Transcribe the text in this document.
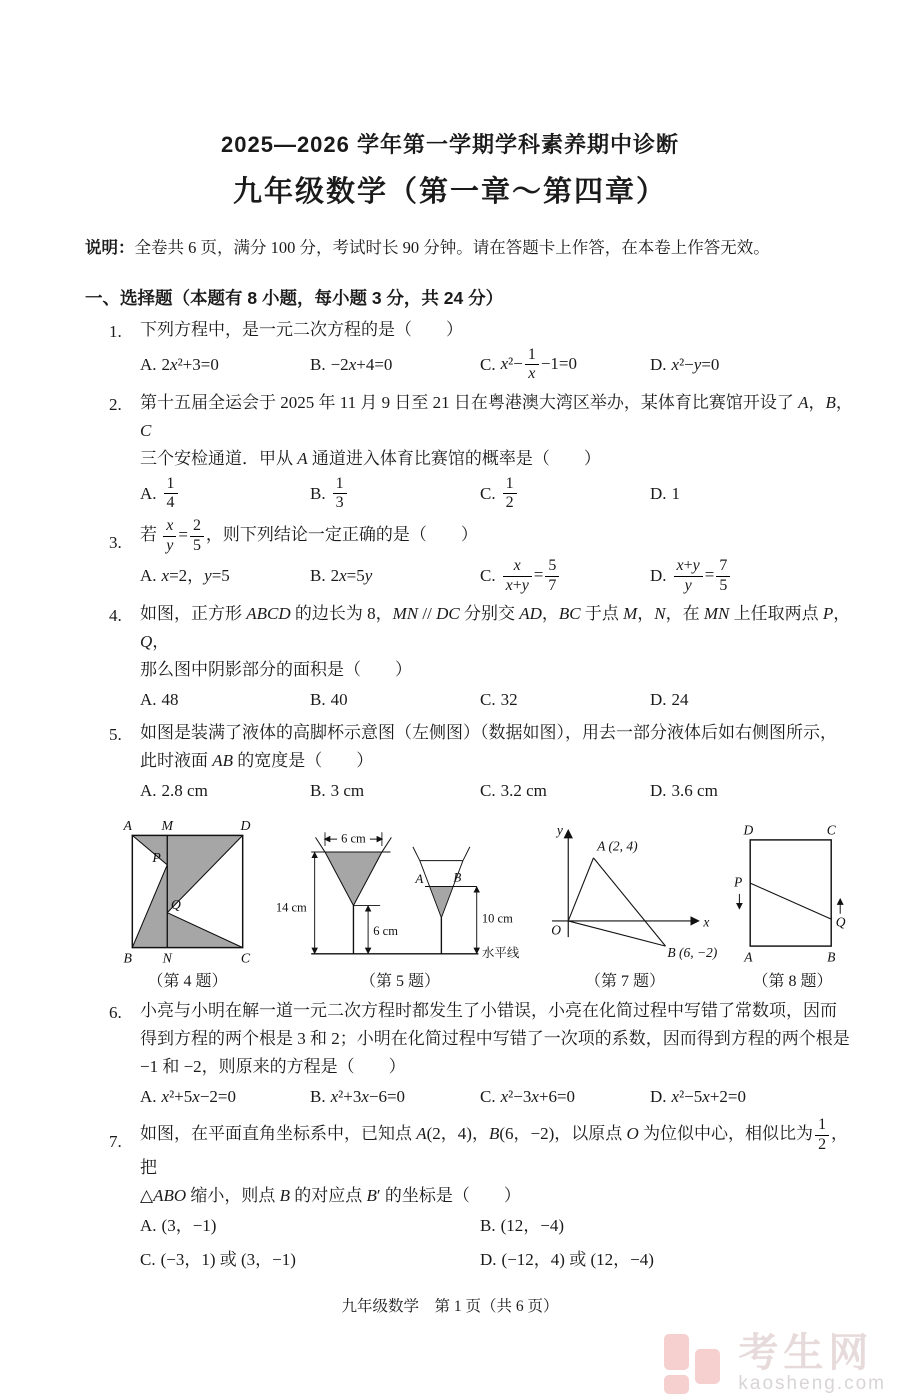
2025—2026 学年第一学期学科素养期中诊断
九年级数学（第一章～第四章）
说明：全卷共 6 页，满分 100 分，考试时长 90 分钟。请在答题卡上作答，在本卷上作答无效。
一、选择题（本题有 8 小题，每小题 3 分，共 24 分）
1. 下列方程中，是一元二次方程的是（　　）
A. 2x²+3=0	B. −2x+4=0	C. $x^2- \frac{1}{x} -1=0$	D. x²−y=0
2. 第十五届全运会于 2025 年 11 月 9 日至 21 日在粤港澳大湾区举办，某体育比赛馆开设了 A，B，C
三个安检通道．甲从 A 通道进入体育比赛馆的概率是（　　）
A. $\frac{1}{4}$	B. $\frac{1}{3}$	C. $\frac{1}{2}$	D. 1
3. 若 $\frac{x}{y} = \frac{2}{5}$ ，则下列结论一定正确的是（　　）
A. x=2，y=5	B. 2x=5y	C. $\frac{x}{x+y} = \frac{5}{7}$	D. $\frac{x+y}{y} = \frac{7}{5}$
4. 如图，正方形 ABCD 的边长为 8，MN // DC 分别交 AD，BC 于点 M，N，在 MN 上任取两点 P，Q，
那么图中阴影部分的面积是（　　）
A. 48	B. 40	C. 32	D. 24
5. 如图是装满了液体的高脚杯示意图（左侧图）（数据如图），用去一部分液体后如右侧图所示，
此时液面 AB 的宽度是（　　）
A. 2.8 cm	B. 3 cm	C. 3.2 cm	D. 3.6 cm
A M	D
P
Q
B N	C
（第 4 题）
6 cm
14 cm
6 cm
A B
10 cm
水平线
（第 5 题）
y
x
O
A (2, 4)
B (6, −2)
（第 7 题）
D	C
A	B
P
Q
（第 8 题）
6. 小亮与小明在解一道一元二次方程时都发生了小错误，小亮在化简过程中写错了常数项，因而
得到方程的两个根是 3 和 2；小明在化简过程中写错了一次项的系数，因而得到方程的两个根是
−1 和 −2，则原来的方程是（　　）
A. x²+5x−2=0	B. x²+3x−6=0	C. x²−3x+6=0	D. x²−5x+2=0
7. 如图，在平面直角坐标系中，已知点 A(2，4)，B(6，−2)，以原点 O 为位似中心，相似比为 $\frac{1}{2}$ ，把
△ABO 缩小，则点 B 的对应点 B′ 的坐标是（　　）
A. (3，−1)	B. (12，−4)
C. (−3，1) 或 (3，−1)	D. (−12，4) 或 (12，−4)
九年级数学　第 1 页（共 6 页）
考生网
kaosheng.com
